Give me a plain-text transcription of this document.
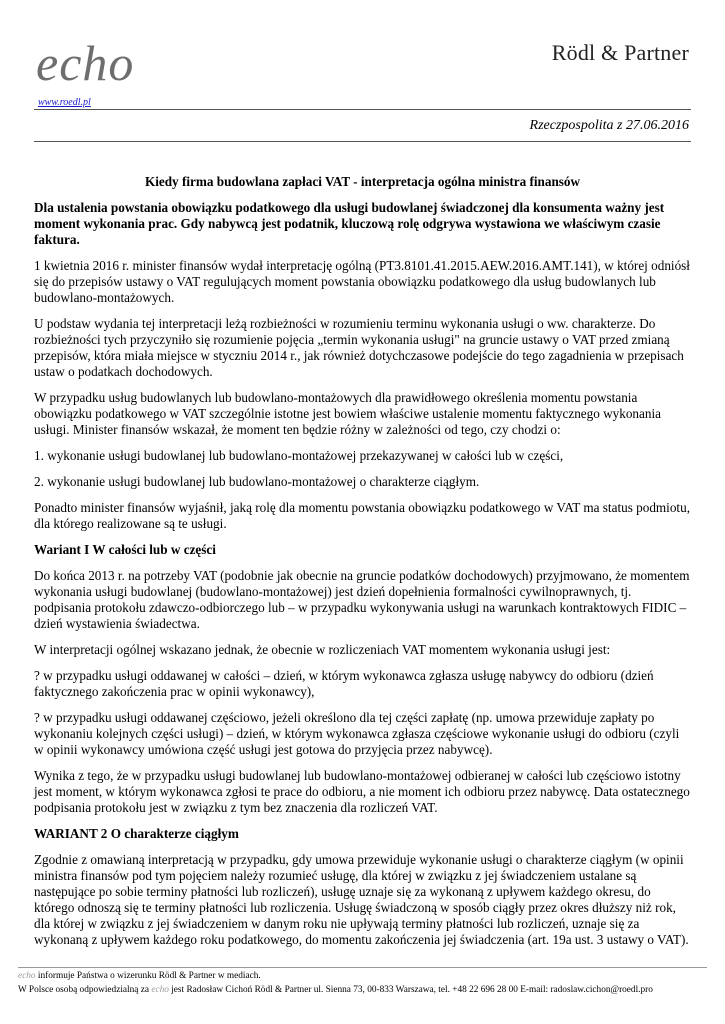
echo
www.roedl.pl
Rödl & Partner
Rzeczpospolita z 27.06.2016
Kiedy firma budowlana zapłaci VAT - interpretacja ogólna ministra finansów

Dla ustalenia powstania obowiązku podatkowego dla usługi budowlanej świadczonej dla konsumenta ważny jest moment wykonania prac. Gdy nabywcą jest podatnik, kluczową rolę odgrywa wystawiona we właściwym czasie faktura.

1 kwietnia 2016 r. minister finansów wydał interpretację ogólną (PT3.8101.41.2015.AEW.2016.AMT.141), w której odniósł się do przepisów ustawy o VAT regulujących moment powstania obowiązku podatkowego dla usług budowlanych lub budowlano-montażowych.

U podstaw wydania tej interpretacji leżą rozbieżności w rozumieniu terminu wykonania usługi o ww. charakterze. Do rozbieżności tych przyczyniło się rozumienie pojęcia „termin wykonania usługi" na gruncie ustawy o VAT przed zmianą przepisów, która miała miejsce w styczniu 2014 r., jak również dotychczasowe podejście do tego zagadnienia w przepisach ustaw o podatkach dochodowych.

W przypadku usług budowlanych lub budowlano-montażowych dla prawidłowego określenia momentu powstania obowiązku podatkowego w VAT szczególnie istotne jest bowiem właściwe ustalenie momentu faktycznego wykonania usługi. Minister finansów wskazał, że moment ten będzie różny w zależności od tego, czy chodzi o:

1. wykonanie usługi budowlanej lub budowlano-montażowej przekazywanej w całości lub w części,

2. wykonanie usługi budowlanej lub budowlano-montażowej o charakterze ciągłym.

Ponadto minister finansów wyjaśnił, jaką rolę dla momentu powstania obowiązku podatkowego w VAT ma status podmiotu, dla którego realizowane są te usługi.

Wariant I W całości lub w części

Do końca 2013 r. na potrzeby VAT (podobnie jak obecnie na gruncie podatków dochodowych) przyjmowano, że momentem wykonania usługi budowlanej (budowlano-montażowej) jest dzień dopełnienia formalności cywilnoprawnych, tj. podpisania protokołu zdawczo-odbiorczego lub – w przypadku wykonywania usługi na warunkach kontraktowych FIDIC – dzień wystawienia świadectwa.

W interpretacji ogólnej wskazano jednak, że obecnie w rozliczeniach VAT momentem wykonania usługi jest:

? w przypadku usługi oddawanej w całości – dzień, w którym wykonawca zgłasza usługę nabywcy do odbioru (dzień faktycznego zakończenia prac w opinii wykonawcy),

? w przypadku usługi oddawanej częściowo, jeżeli określono dla tej części zapłatę (np. umowa przewiduje zapłaty po wykonaniu kolejnych części usługi) – dzień, w którym wykonawca zgłasza częściowe wykonanie usługi do odbioru (czyli w opinii wykonawcy umówiona część usługi jest gotowa do przyjęcia przez nabywcę).

Wynika z tego, że w przypadku usługi budowlanej lub budowlano-montażowej odbieranej w całości lub częściowo istotny jest moment, w którym wykonawca zgłosi te prace do odbioru, a nie moment ich odbioru przez nabywcę. Data ostatecznego podpisania protokołu jest w związku z tym bez znaczenia dla rozliczeń VAT.

WARIANT 2 O charakterze ciągłym

Zgodnie z omawianą interpretacją w przypadku, gdy umowa przewiduje wykonanie usługi o charakterze ciągłym (w opinii ministra finansów pod tym pojęciem należy rozumieć usługę, dla której w związku z jej świadczeniem ustalane są następujące po sobie terminy płatności lub rozliczeń), usługę uznaje się za wykonaną z upływem każdego okresu, do którego odnoszą się te terminy płatności lub rozliczenia. Usługę świadczoną w sposób ciągły przez okres dłuższy niż rok, dla której w związku z jej świadczeniem w danym roku nie upływają terminy płatności lub rozliczeń, uznaje się za wykonaną z upływem każdego roku podatkowego, do momentu zakończenia jej świadczenia (art. 19a ust. 3 ustawy o VAT).

echo informuje Państwa o wizerunku Rödl & Partner w mediach.
W Polsce osobą odpowiedzialną za echo jest Radosław Cichoń Rödl & Partner ul. Sienna 73, 00-833 Warszawa, tel. +48 22 696 28 00 E-mail: radoslaw.cichon@roedl.pro
